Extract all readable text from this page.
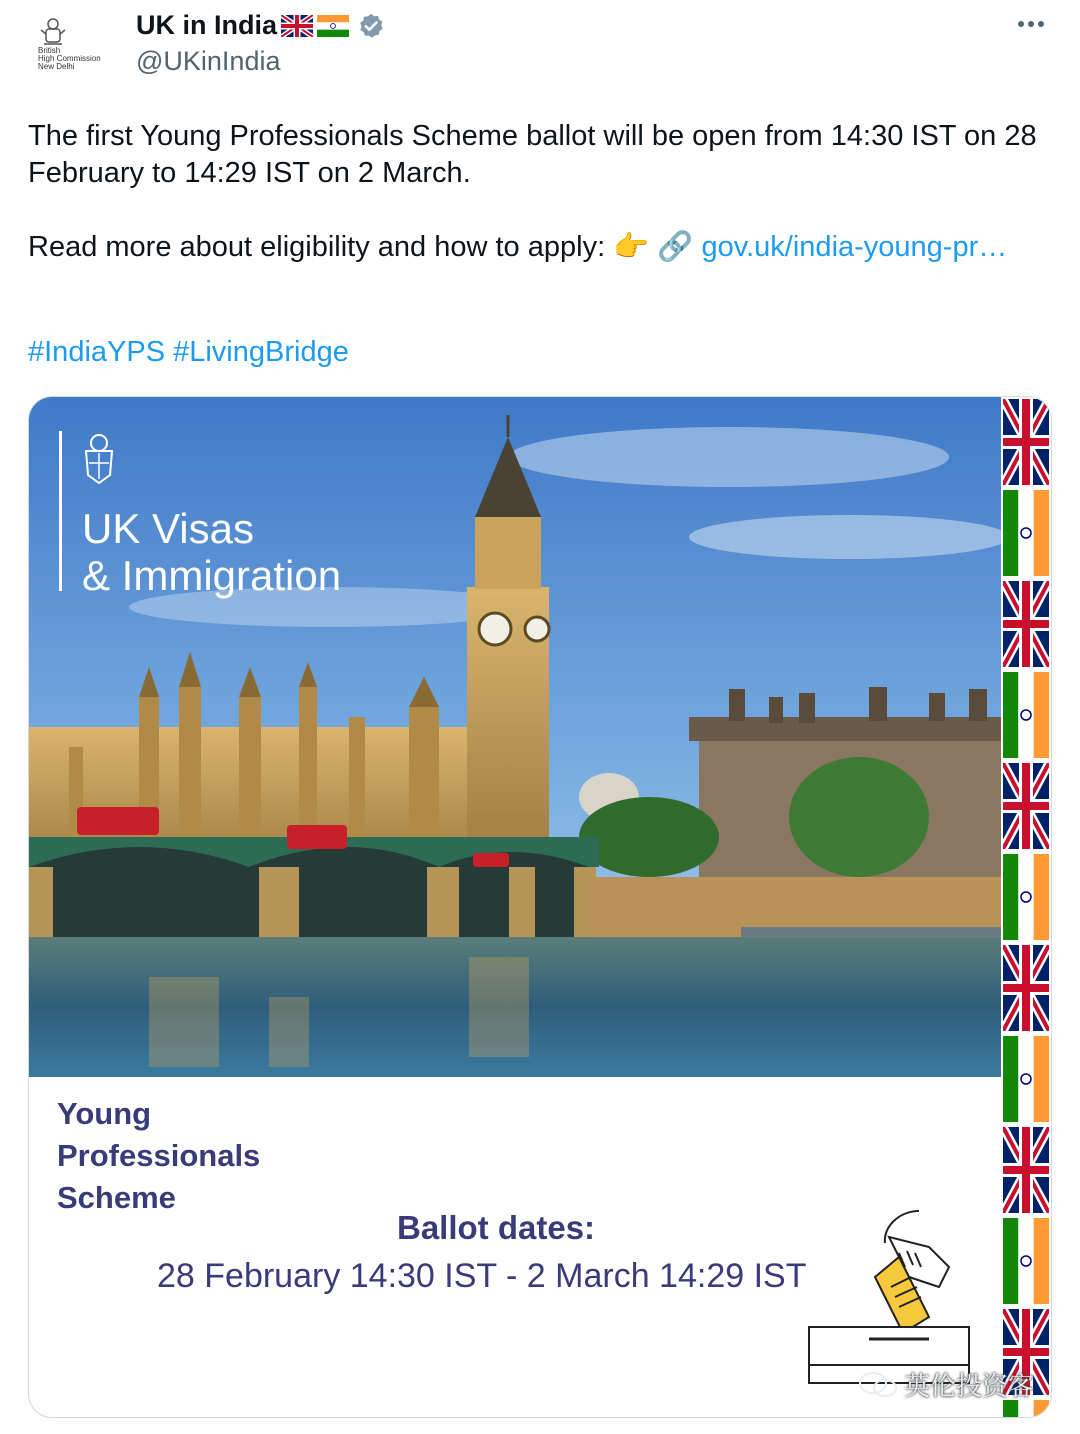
British
High Commission
New Delhi
UK in India
@UKinIndia

The first Young Professionals Scheme ballot will be open from 14:30 IST on 28 February to 14:29 IST on 2 March.

Read more about eligibility and how to apply: 👉 🔗 gov.uk/india-young-pr…

#IndiaYPS #LivingBridge
UK Visas
& Immigration
Young
Professionals
Scheme
Ballot dates:
28 February 14:30 IST - 2 March 14:29 IST
英伦投资客
